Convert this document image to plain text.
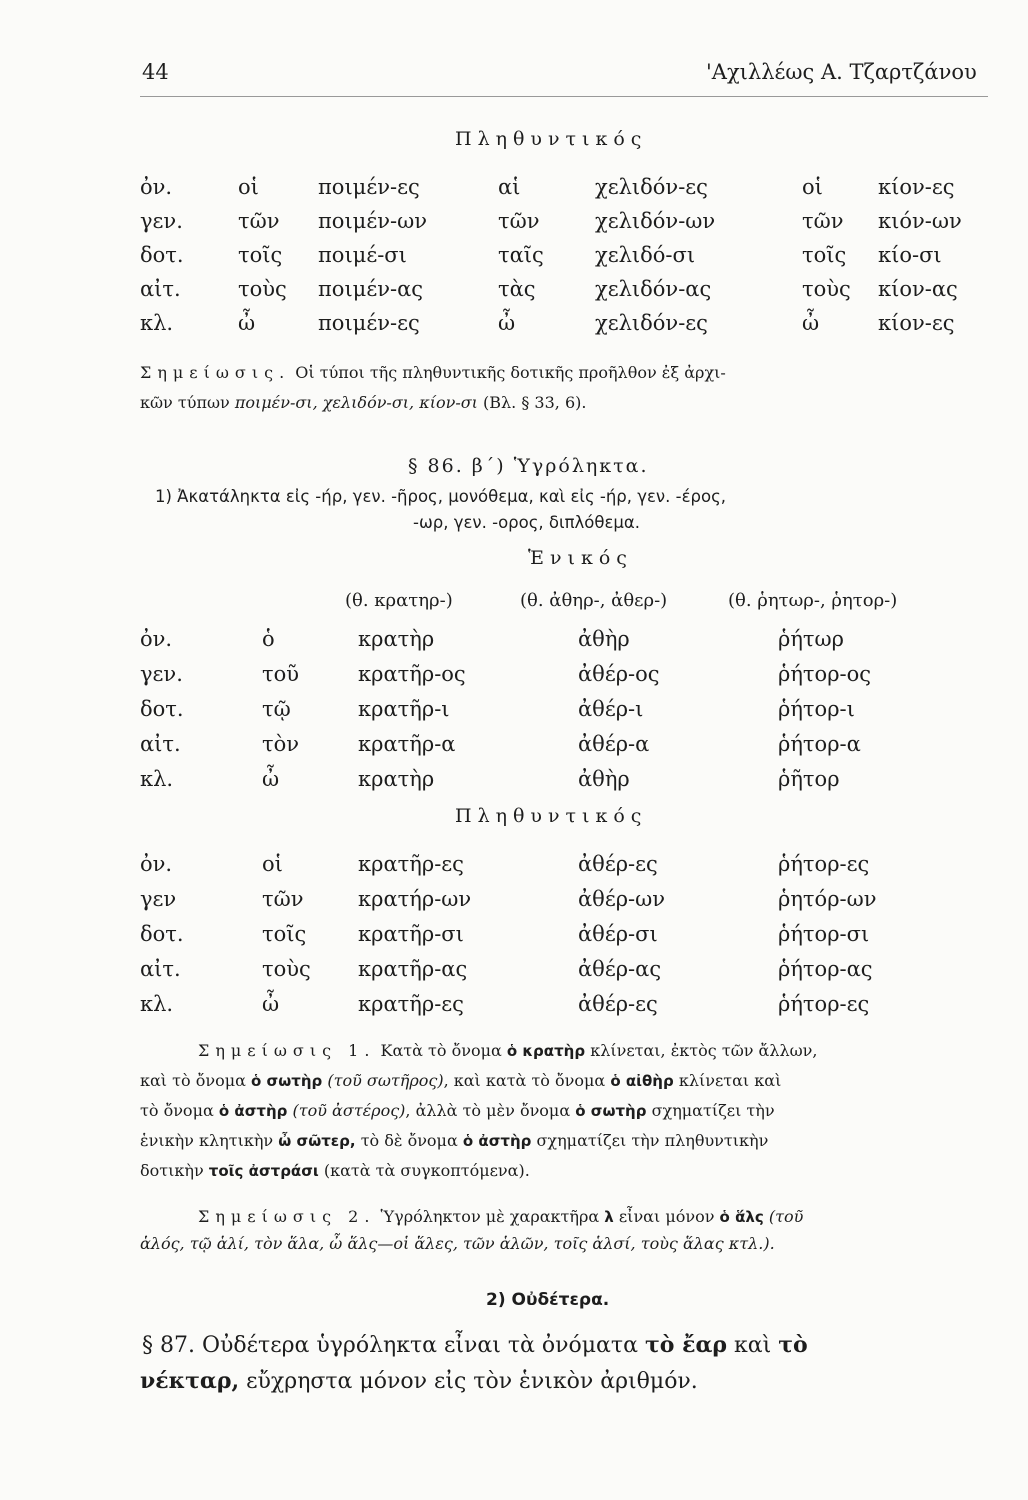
44	'Αχιλλέως Α. Τζαρτζάνου
Πληθυντικός
ὀν.	οἱ	ποιμέν-ες	αἱ	χελιδόν-ες	οἱ	κίον-ες
γεν.	τῶν ποιμέν-ων	τῶν	χελιδόν-ων	τῶν κιόν-ων
δοτ.	τοῖς ποιμέ-σι	ταῖς χελιδό-σι	τοῖς κίο-σι
αἰτ.	τοὺς ποιμέν-ας	τὰς	χελιδόν-ας	τοὺς κίον-ας
κλ.	ὦ	ποιμέν-ες	ὦ	χελιδόν-ες	ὦ	κίον-ες
Σημείωσις. Οἱ τύποι τῆς πληθυντικῆς δοτικῆς προῆλθον ἐξ ἀρχι-
κῶν τύπων ποιμέν-σι, χελιδόν-σι, κίον-σι (Βλ. § 33, 6).
§ 86. β΄) Ὑγρόληκτα.
1) Ἀκατάληκτα εἰς -ήρ, γεν. -ῆρος, μονόθεμα, καὶ εἰς -ήρ, γεν. -έρος,
-ωρ, γεν. -ορος, διπλόθεμα.
Ἑνικός
(θ. κρατηρ-)	(θ. ἀθηρ-, ἀθερ-)	(θ. ῥητωρ-, ῥητορ-)
ὀν.	ὁ	κρατὴρ	ἀθὴρ	ῥήτωρ
γεν.	τοῦ	κρατῆρ-ος	ἀθέρ-ος	ῥήτορ-ος
δοτ.	τῷ	κρατῆρ-ι	ἀθέρ-ι	ῥήτορ-ι
αἰτ.	τὸν	κρατῆρ-α	ἀθέρ-α	ῥήτορ-α
κλ.	ὦ	κρατὴρ	ἀθὴρ	ῥῆτορ
Πληθυντικός
ὀν.	οἱ	κρατῆρ-ες	ἀθέρ-ες	ῥήτορ-ες
γεν	τῶν	κρατήρ-ων	ἀθέρ-ων	ῥητόρ-ων
δοτ.	τοῖς κρατῆρ-σι	ἀθέρ-σι	ῥήτορ-σι
αἰτ.	τοὺς κρατῆρ-ας	ἀθέρ-ας	ῥήτορ-ας
κλ.	ὦ	κρατῆρ-ες	ἀθέρ-ες	ῥήτορ-ες
Σημείωσις 1. Κατὰ τὸ ὄνομα ὁ κρατὴρ κλίνεται, ἐκτὸς τῶν ἄλλων,
καὶ τὸ ὄνομα ὁ σωτὴρ (τοῦ σωτῆρος), καὶ κατὰ τὸ ὄνομα ὁ αἰθὴρ κλίνεται καὶ
τὸ ὄνομα ὁ ἀστὴρ (τοῦ ἀστέρος), ἀλλὰ τὸ μὲν ὄνομα ὁ σωτὴρ σχηματίζει τὴν
ἑνικὴν κλητικὴν ὦ σῶτερ, τὸ δὲ ὄνομα ὁ ἀστὴρ σχηματίζει τὴν πληθυντικὴν
δοτικὴν τοῖς ἀστράσι (κατὰ τὰ συγκοπτόμενα).
Σημείωσις 2. Ὑγρόληκτον μὲ χαρακτῆρα λ εἶναι μόνον ὁ ἅλς (τοῦ
ἁλός, τῷ ἁλί, τὸν ἅλα, ὦ ἅλς—οἱ ἅλες, τῶν ἁλῶν, τοῖς ἁλσί, τοὺς ἅλας κτλ.).
2) Οὐδέτερα.
§ 87. Οὐδέτερα ὑγρόληκτα εἶναι τὰ ὀνόματα τὸ ἔαρ καὶ τὸ
νέκταρ, εὔχρηστα μόνον εἰς τὸν ἑνικὸν ἀριθμόν.
